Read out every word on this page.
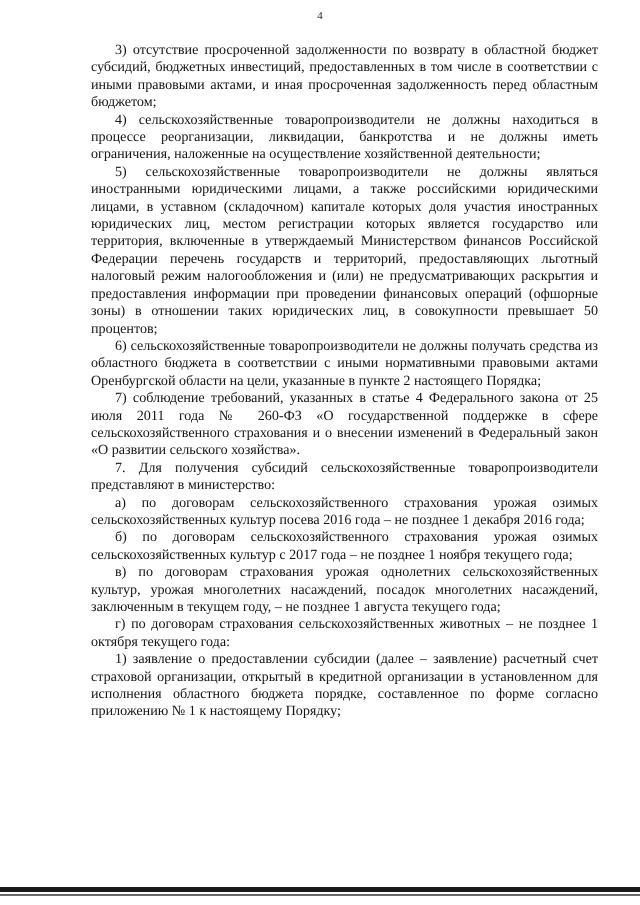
4

3) отсутствие просроченной задолженности по возврату в областной бюджет субсидий, бюджетных инвестиций, предоставленных в том числе в соответствии с иными правовыми актами, и иная просроченная задолженность перед областным бюджетом;

4) сельскохозяйственные товаропроизводители не должны находиться в процессе реорганизации, ликвидации, банкротства и не должны иметь ограничения, наложенные на осуществление хозяйственной деятельности;

5) сельскохозяйственные товаропроизводители не должны являться иностранными юридическими лицами, а также российскими юридическими лицами, в уставном (складочном) капитале которых доля участия иностранных юридических лиц, местом регистрации которых является государство или территория, включенные в утверждаемый Министерством финансов Российской Федерации перечень государств и территорий, предоставляющих льготный налоговый режим налогообложения и (или) не предусматривающих раскрытия и предоставления информации при проведении финансовых операций (офшорные зоны) в отношении таких юридических лиц, в совокупности превышает 50 процентов;

6) сельскохозяйственные товаропроизводители не должны получать средства из областного бюджета в соответствии с иными нормативными правовыми актами Оренбургской области на цели, указанные в пункте 2 настоящего Порядка;

7) соблюдение требований, указанных в статье 4 Федерального закона от 25 июля 2011 года № 260-ФЗ «О государственной поддержке в сфере сельскохозяйственного страхования и о внесении изменений в Федеральный закон «О развитии сельского хозяйства».

7. Для получения субсидий сельскохозяйственные товаропроизводители представляют в министерство:

а) по договорам сельскохозяйственного страхования урожая озимых сельскохозяйственных культур посева 2016 года – не позднее 1 декабря 2016 года;

б) по договорам сельскохозяйственного страхования урожая озимых сельскохозяйственных культур с 2017 года – не позднее 1 ноября текущего года;

в) по договорам страхования урожая однолетних сельскохозяйственных культур, урожая многолетних насаждений, посадок многолетних насаждений, заключенным в текущем году, – не позднее 1 августа текущего года;

г) по договорам страхования сельскохозяйственных животных – не позднее 1 октября текущего года:

1) заявление о предоставлении субсидии (далее – заявление) расчетный счет страховой организации, открытый в кредитной организации в установленном для исполнения областного бюджета порядке, составленное по форме согласно приложению № 1 к настоящему Порядку;
